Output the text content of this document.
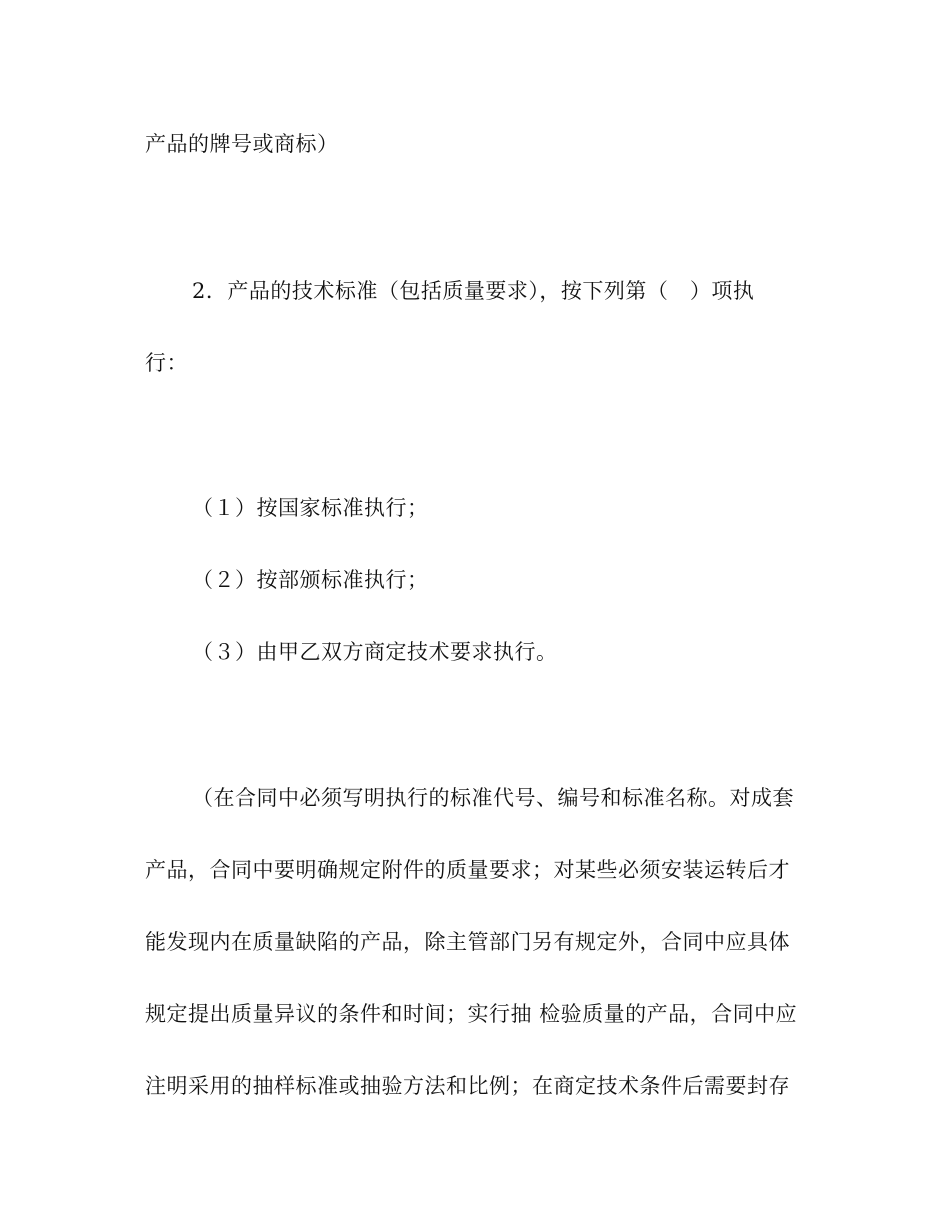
产品的牌号或商标）
2．产品的技术标准（包括质量要求），按下列第（　）项执
行：
（１）按国家标准执行；
（２）按部颁标准执行；
（３）由甲乙双方商定技术要求执行。
（在合同中必须写明执行的标准代号、编号和标准名称。对成套
产品，合同中要明确规定附件的质量要求；对某些必须安装运转后才
能发现内在质量缺陷的产品，除主管部门另有规定外，合同中应具体
规定提出质量异议的条件和时间；实行抽 检验质量的产品，合同中应
注明采用的抽样标准或抽验方法和比例；在商定技术条件后需要封存
